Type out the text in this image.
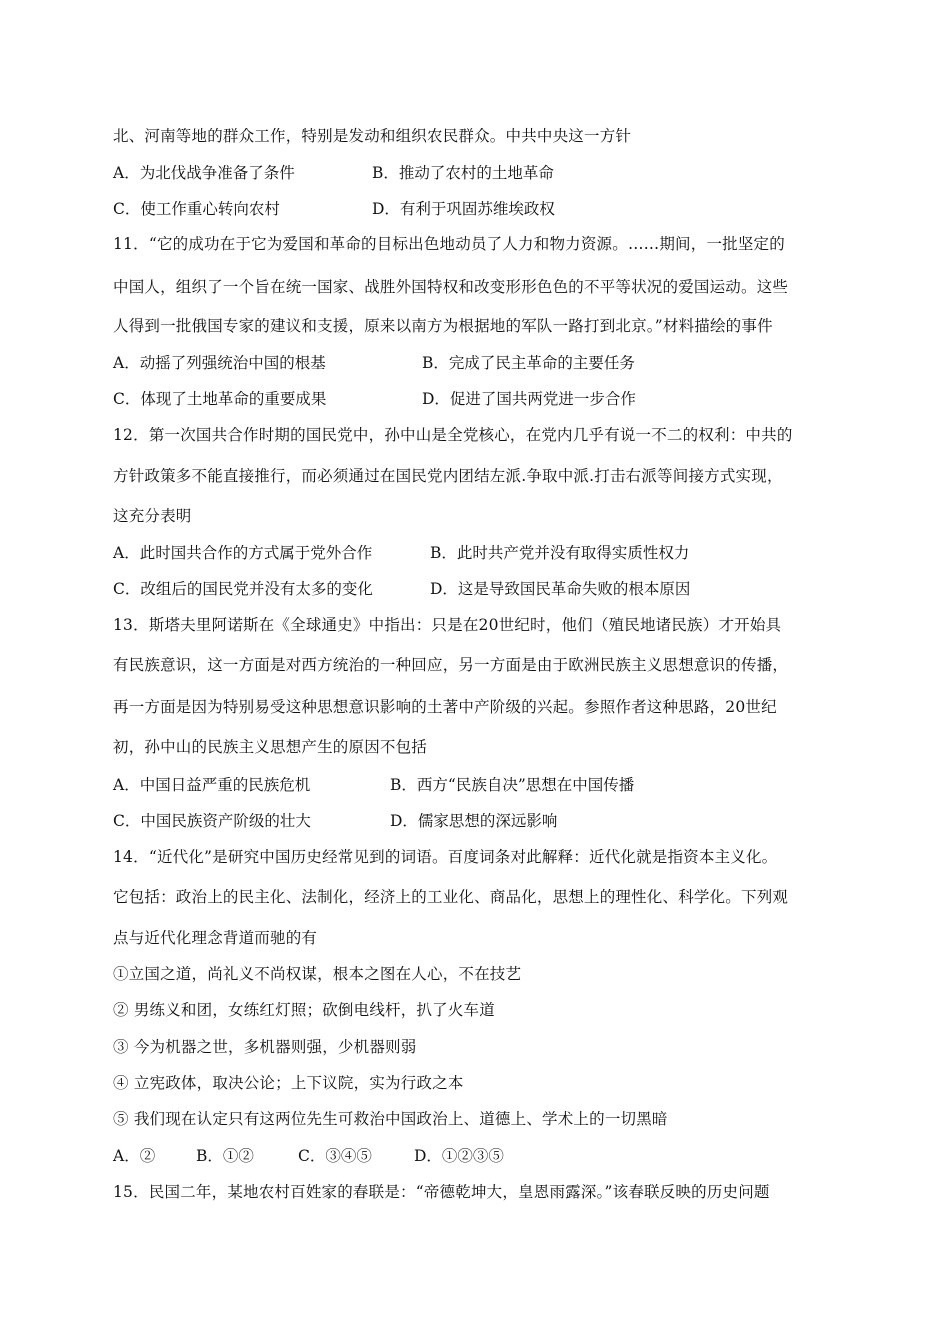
北、河南等地的群众工作，特别是发动和组织农民群众。中共中央这一方针
A．为北伐战争准备了条件	B．推动了农村的土地革命
C．使工作重心转向农村	D．有利于巩固苏维埃政权
11．“它的成功在于它为爱国和革命的目标出色地动员了人力和物力资源。……期间，一批坚定的
中国人，组织了一个旨在统一国家、战胜外国特权和改变形形色色的不平等状况的爱国运动。这些
人得到一批俄国专家的建议和支援，原来以南方为根据地的军队一路打到北京。”材料描绘的事件
A．动摇了列强统治中国的根基	B．完成了民主革命的主要任务
C．体现了土地革命的重要成果	D．促进了国共两党进一步合作
12．第一次国共合作时期的国民党中，孙中山是全党核心，在党内几乎有说一不二的权利：中共的
方针政策多不能直接推行，而必须通过在国民党内团结左派.争取中派.打击右派等间接方式实现，
这充分表明
A．此时国共合作的方式属于党外合作	B．此时共产党并没有取得实质性权力
C．改组后的国民党并没有太多的变化	D．这是导致国民革命失败的根本原因
13．斯塔夫里阿诺斯在《全球通史》中指出：只是在20世纪时，他们（殖民地诸民族）才开始具
有民族意识，这一方面是对西方统治的一种回应，另一方面是由于欧洲民族主义思想意识的传播，
再一方面是因为特别易受这种思想意识影响的土著中产阶级的兴起。参照作者这种思路，20世纪
初，孙中山的民族主义思想产生的原因不包括
A．中国日益严重的民族危机	B．西方“民族自决”思想在中国传播
C．中国民族资产阶级的壮大	D．儒家思想的深远影响
14．“近代化”是研究中国历史经常见到的词语。百度词条对此解释：近代化就是指资本主义化。
它包括：政治上的民主化、法制化，经济上的工业化、商品化，思想上的理性化、科学化。下列观
点与近代化理念背道而驰的有
①立国之道，尚礼义不尚权谋，根本之图在人心，不在技艺
② 男练义和团，女练红灯照；砍倒电线杆，扒了火车道
③ 今为机器之世，多机器则强，少机器则弱
④ 立宪政体，取决公论；上下议院，实为行政之本
⑤ 我们现在认定只有这两位先生可救治中国政治上、道德上、学术上的一切黑暗
A．②	B．①②	C．③④⑤	D．①②③⑤
15．民国二年，某地农村百姓家的春联是：“帝德乾坤大，皇恩雨露深。”该春联反映的历史问题
